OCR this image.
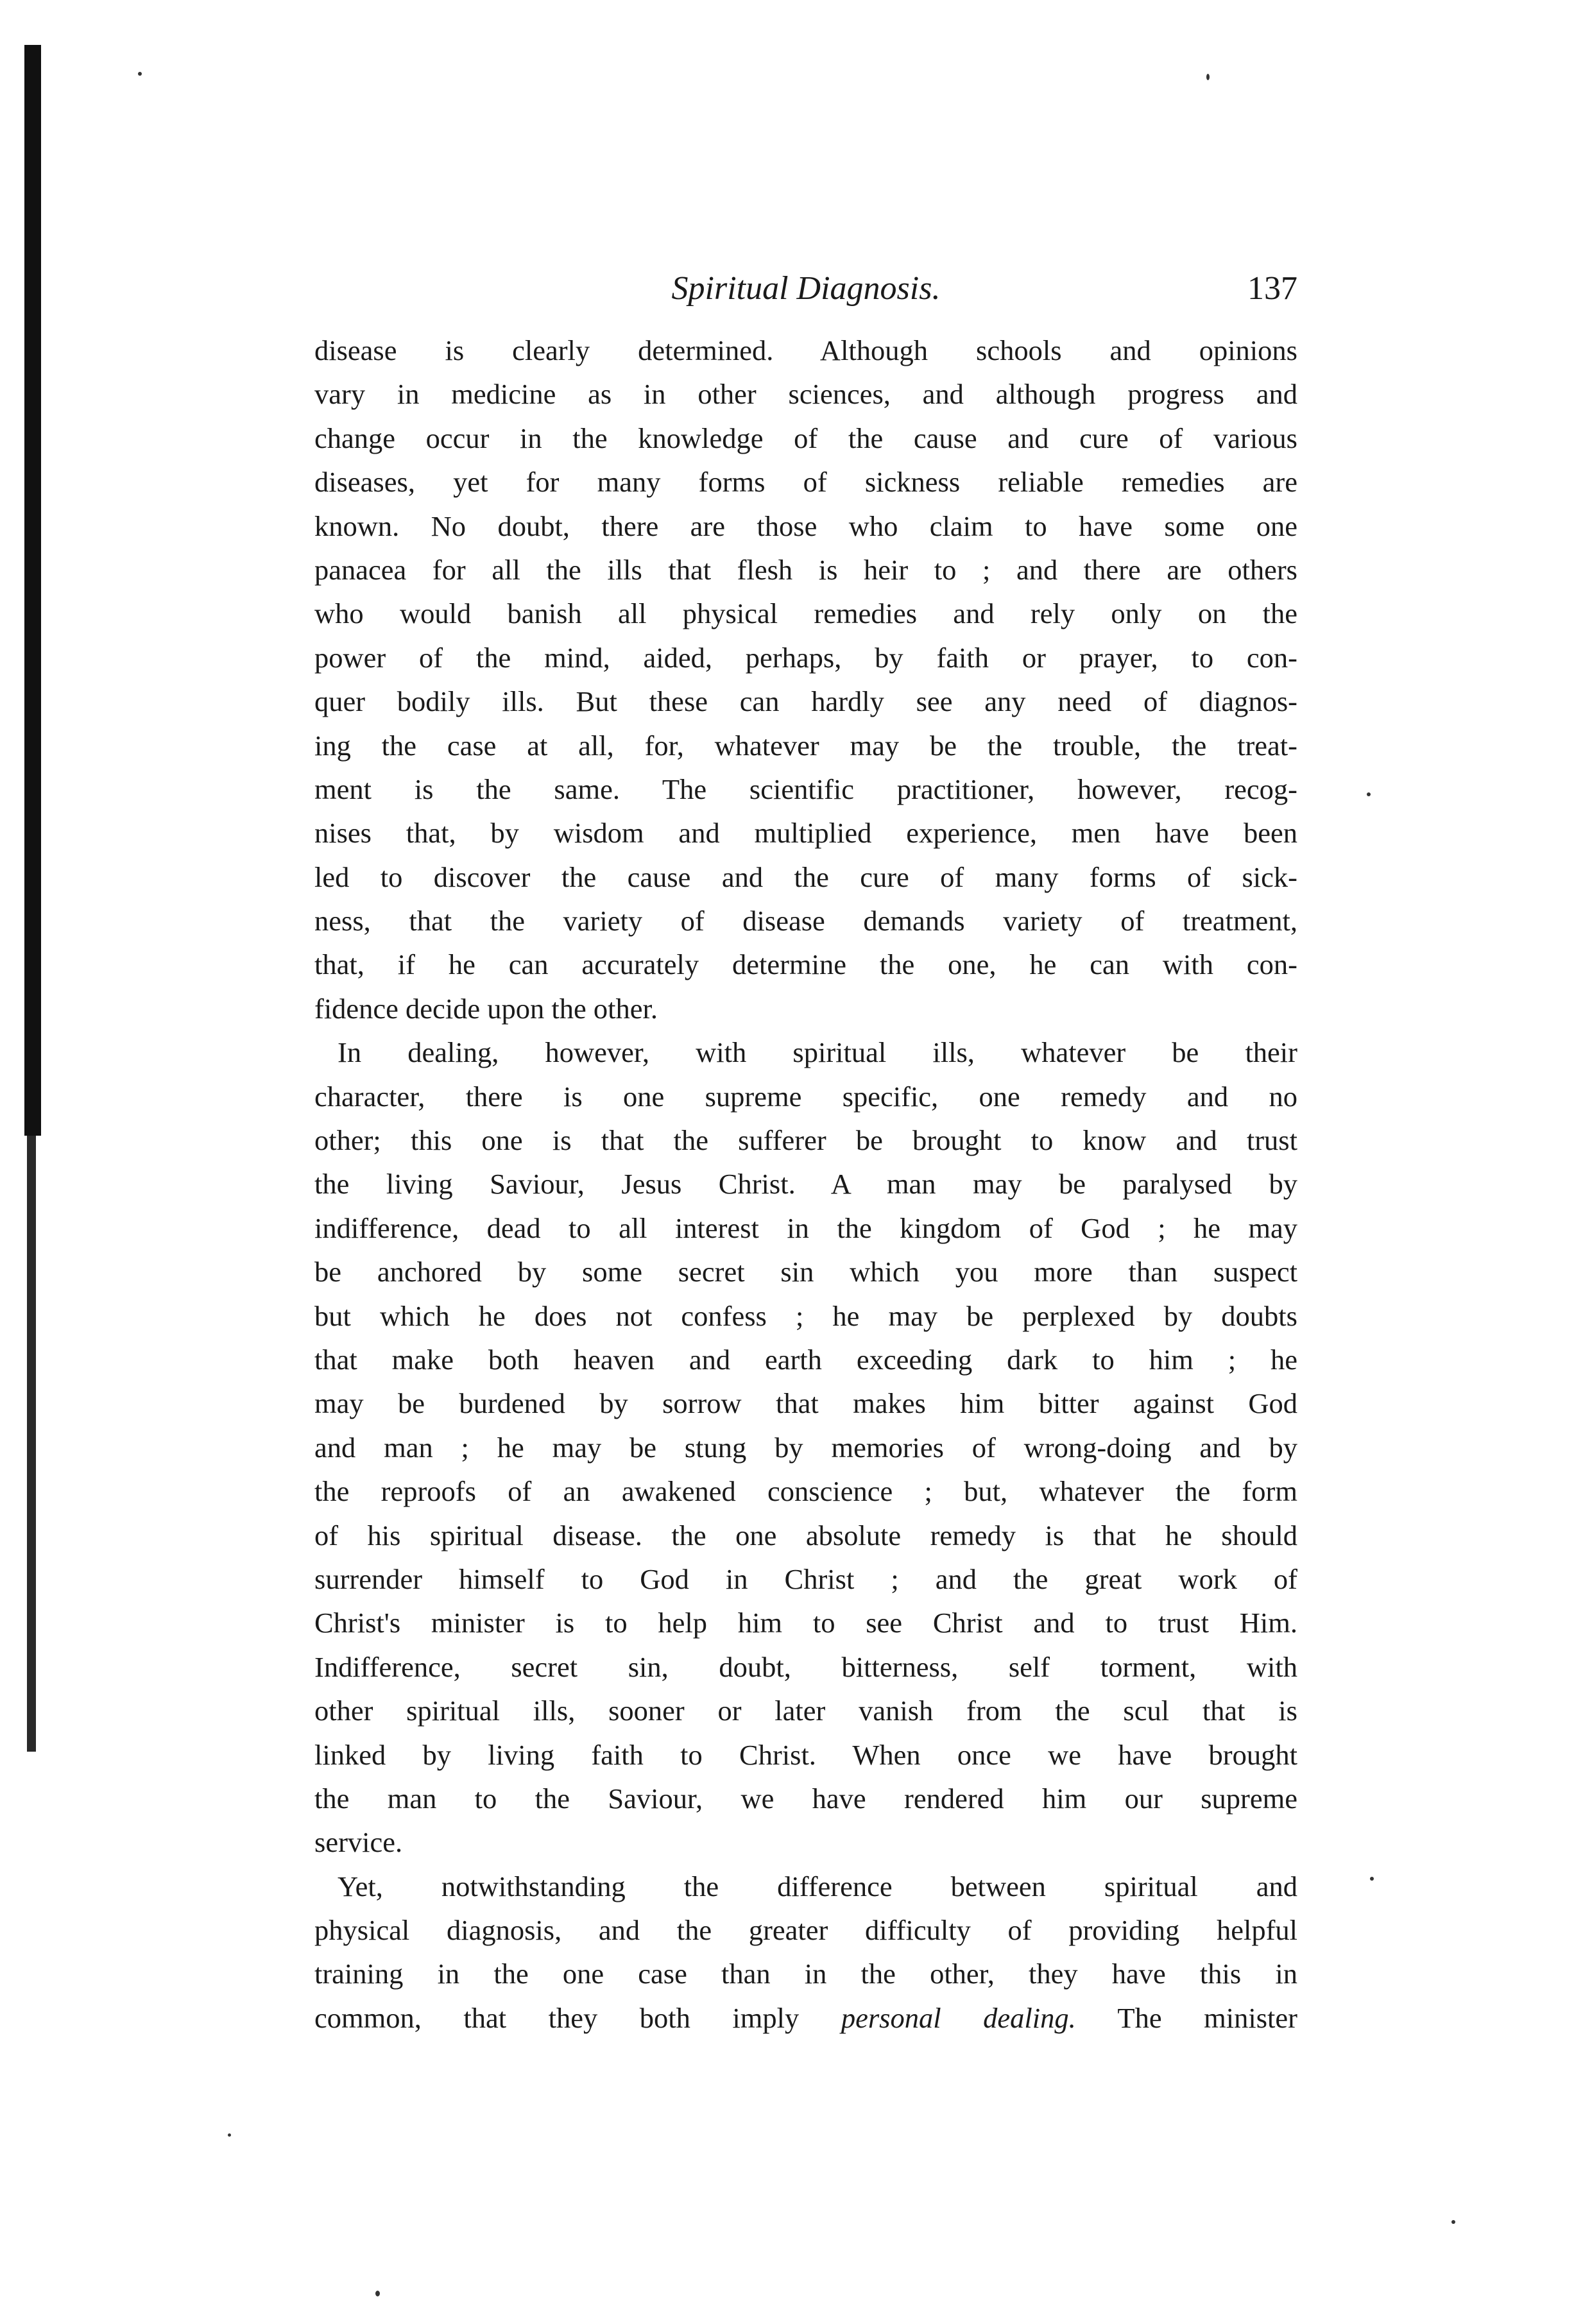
Spiritual Diagnosis.	137
disease is clearly determined. Although schools and opinions
vary in medicine as in other sciences, and although progress and
change occur in the knowledge of the cause and cure of various
diseases, yet for many forms of sickness reliable remedies are
known. No doubt, there are those who claim to have some one
panacea for all the ills that flesh is heir to ; and there are others
who would banish all physical remedies and rely only on the
power of the mind, aided, perhaps, by faith or prayer, to con-
quer bodily ills. But these can hardly see any need of diagnos-
ing the case at all, for, whatever may be the trouble, the treat-
ment is the same. The scientific practitioner, however, recog-
nises that, by wisdom and multiplied experience, men have been
led to discover the cause and the cure of many forms of sick-
ness, that the variety of disease demands variety of treatment,
that, if he can accurately determine the one, he can with con-
fidence decide upon the other.
In dealing, however, with spiritual ills, whatever be their
character, there is one supreme specific, one remedy and no
other; this one is that the sufferer be brought to know and trust
the living Saviour, Jesus Christ. A man may be paralysed by
indifference, dead to all interest in the kingdom of God ; he may
be anchored by some secret sin which you more than suspect
but which he does not confess ; he may be perplexed by doubts
that make both heaven and earth exceeding dark to him ; he
may be burdened by sorrow that makes him bitter against God
and man ; he may be stung by memories of wrong-doing and by
the reproofs of an awakened conscience ; but, whatever the form
of his spiritual disease. the one absolute remedy is that he should
surrender himself to God in Christ ; and the great work of
Christ's minister is to help him to see Christ and to trust Him.
Indifference, secret sin, doubt, bitterness, self torment, with
other spiritual ills, sooner or later vanish from the scul that is
linked by living faith to Christ. When once we have brought
the man to the Saviour, we have rendered him our supreme
service.
Yet, notwithstanding the difference between spiritual and
physical diagnosis, and the greater difficulty of providing helpful
training in the one case than in the other, they have this in
common, that they both imply personal dealing. The minister
